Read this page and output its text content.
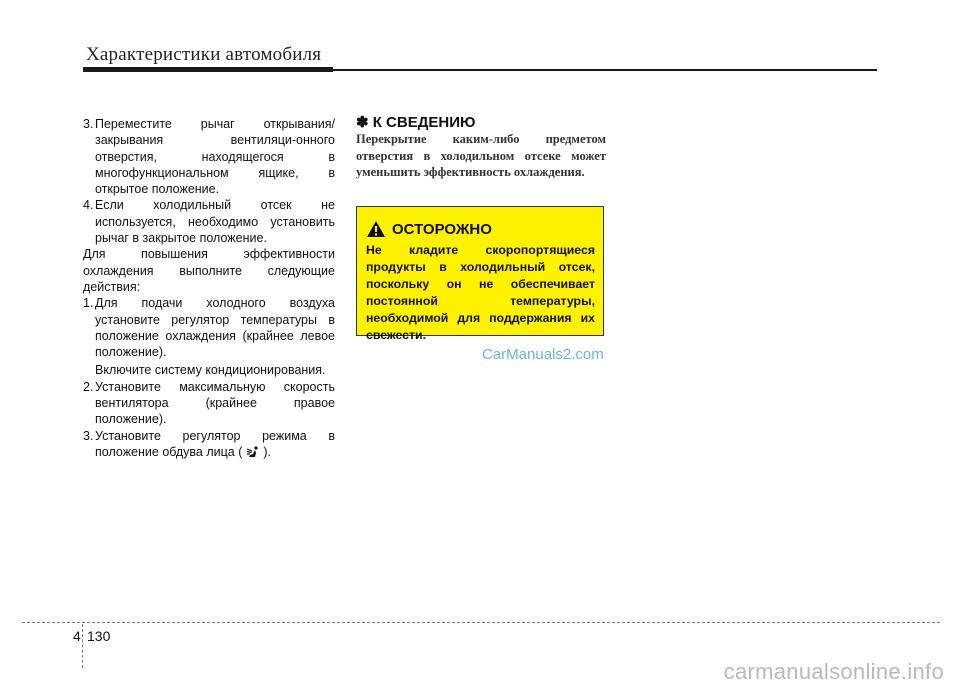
Характеристики автомобиля
3. Переместите рычаг открывания/закрывания вентиляци-онного отверстия, находящегося в многофункциональном ящике, в открытое положение.
4. Если холодильный отсек не используется, необходимо установить рычаг в закрытое положение.

Для повышения эффективности охлаждения выполните следующие действия:

1. Для подачи холодного воздуха установите регулятор температуры в положение охлаждения (крайнее левое положение).

Включите систему кондиционирования.

2. Установите максимальную скорость вентилятора (крайнее правое положение).
3. Установите регулятор режима в положение обдува лица ( ).
✽ К СВЕДЕНИЮ
Перекрытие каким-либо предметом отверстия в холодильном отсеке может уменьшить эффективность охлаждения.
ОСТОРОЖНО
Не кладите скоропортящиеся продукты в холодильный отсек, поскольку он не обеспечивает постоянной температуры, необходимой для поддержания их свежести.
CarManuals2.com
4 130
carmanualsonline.info
